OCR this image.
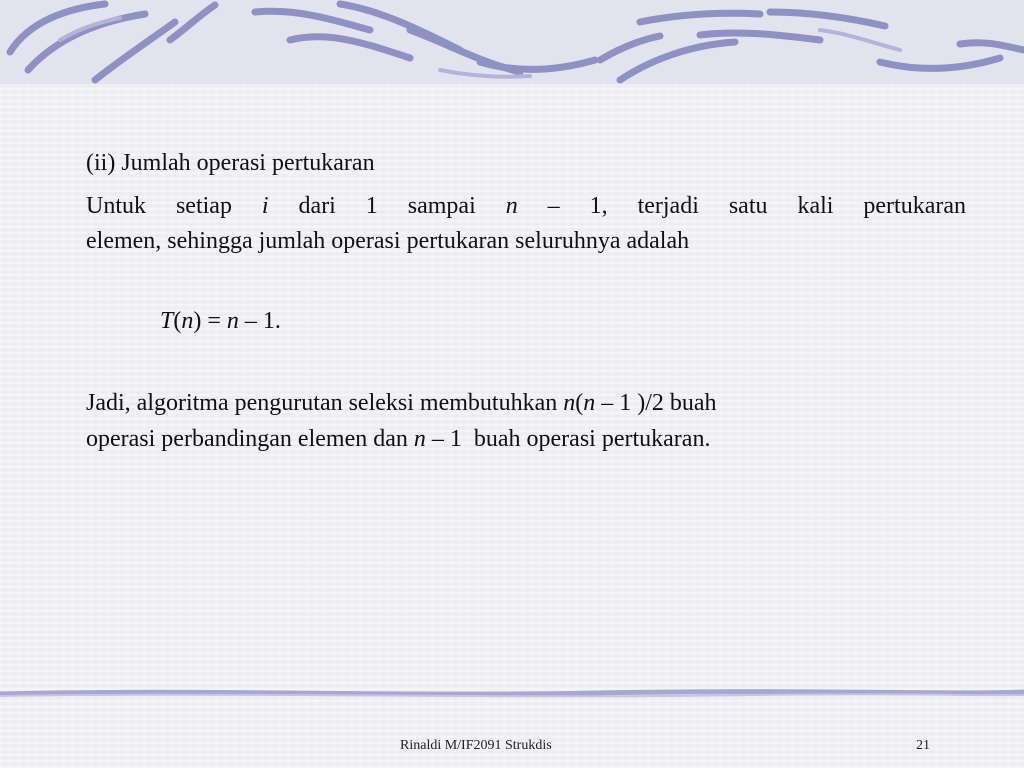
(ii) Jumlah operasi pertukaran
Untuk setiap i dari 1 sampai n – 1, terjadi satu kali pertukaran
elemen, sehingga jumlah operasi pertukaran seluruhnya adalah
T(n) = n – 1.
Jadi, algoritma pengurutan seleksi membutuhkan n(n – 1 )/2 buah
operasi perbandingan elemen dan n – 1  buah operasi pertukaran.
Rinaldi M/IF2091 Strukdis	21
